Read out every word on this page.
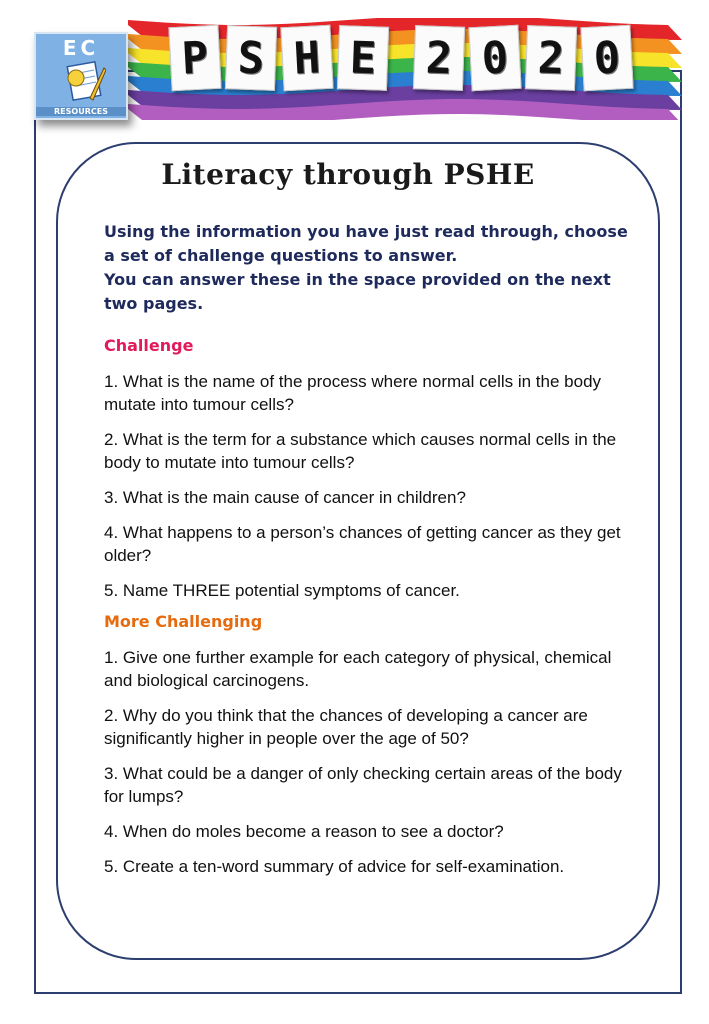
P S H E 2 0 2 0
EC
RESOURCES
Literacy through PSHE

Using the information you have just read through, choose a set of challenge questions to answer.

You can answer these in the space provided on the next two pages.

Challenge
1. What is the name of the process where normal cells in the body mutate into tumour cells?
2. What is the term for a substance which causes normal cells in the body to mutate into tumour cells?
3. What is the main cause of cancer in children?
4. What happens to a person’s chances of getting cancer as they get older?
5. Name THREE potential symptoms of cancer.
More Challenging
1. Give one further example for each category of physical, chemical and biological carcinogens.
2. Why do you think that the chances of developing a cancer are significantly higher in people over the age of 50?
3. What could be a danger of only checking certain areas of the body for lumps?
4. When do moles become a reason to see a doctor?
5. Create a ten-word summary of advice for self-examination.
